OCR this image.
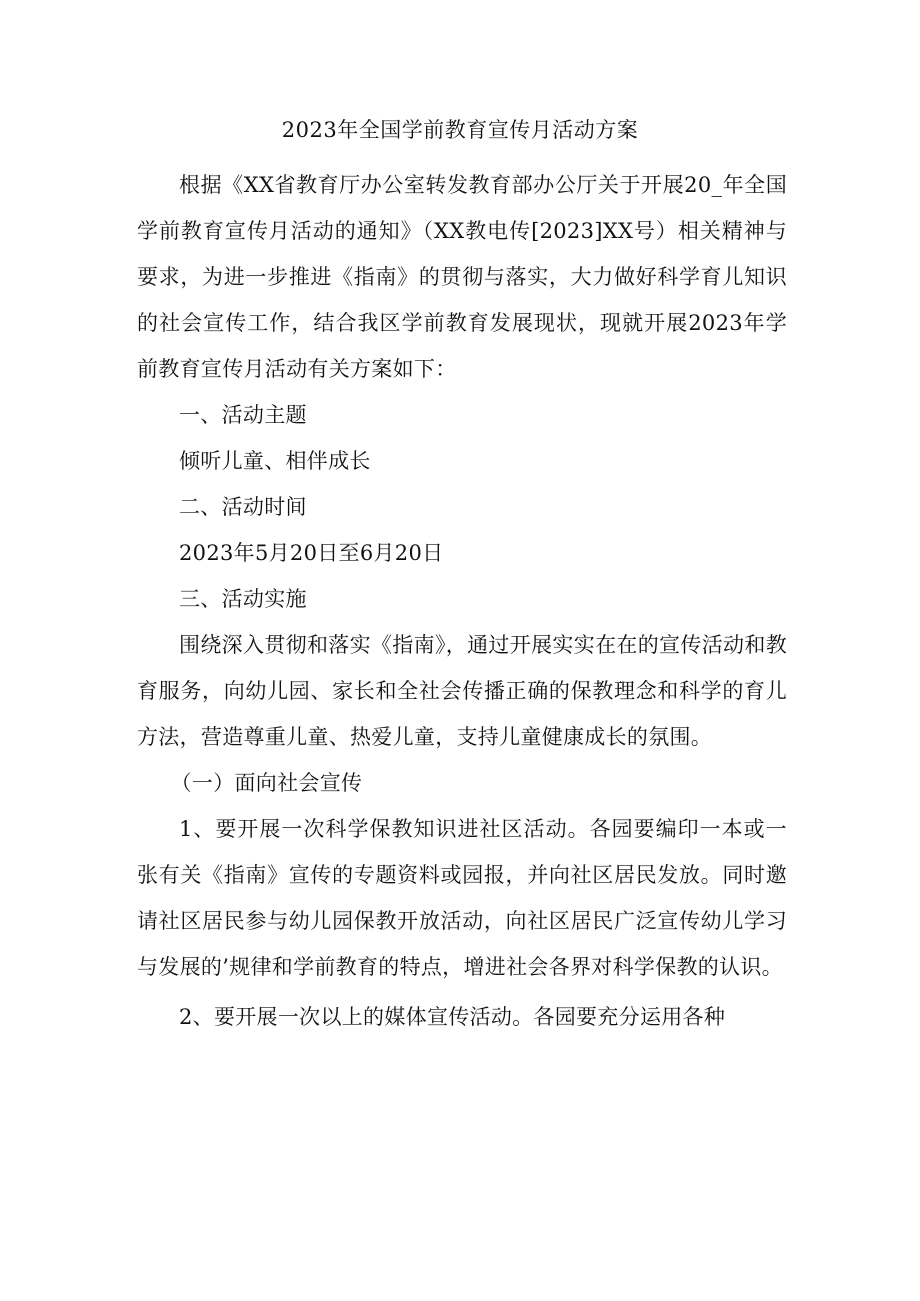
2023年全国学前教育宣传月活动方案

根据《XX省教育厅办公室转发教育部办公厅关于开展20_年全国学前教育宣传月活动的通知》（XX教电传[2023]XX号）相关精神与要求，为进一步推进《指南》的贯彻与落实，大力做好科学育儿知识的社会宣传工作，结合我区学前教育发展现状，现就开展2023年学前教育宣传月活动有关方案如下：

一、活动主题

倾听儿童、相伴成长

二、活动时间

2023年5月20日至6月20日

三、活动实施

围绕深入贯彻和落实《指南》，通过开展实实在在的宣传活动和教育服务，向幼儿园、家长和全社会传播正确的保教理念和科学的育儿方法，营造尊重儿童、热爱儿童，支持儿童健康成长的氛围。

（一）面向社会宣传

1、要开展一次科学保教知识进社区活动。各园要编印一本或一张有关《指南》宣传的专题资料或园报，并向社区居民发放。同时邀请社区居民参与幼儿园保教开放活动，向社区居民广泛宣传幼儿学习与发展的’规律和学前教育的特点，增进社会各界对科学保教的认识。

2、要开展一次以上的媒体宣传活动。各园要充分运用各种
